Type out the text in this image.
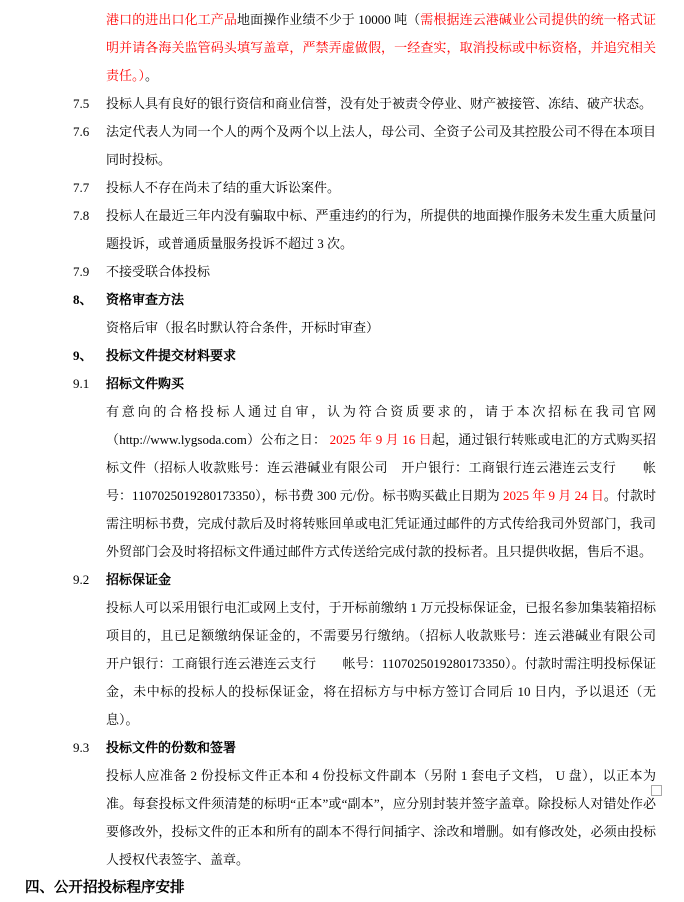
港口的进出口化工产品地面操作业绩不少于 10000 吨（需根据连云港碱业公司提供的统一格式证明并请各海关监管码头填写盖章，严禁弄虚做假，一经查实，取消投标或中标资格，并追究相关责任。）。
7.5	投标人具有良好的银行资信和商业信誉，没有处于被责令停业、财产被接管、冻结、破产状态。
7.6	法定代表人为同一个人的两个及两个以上法人，母公司、全资子公司及其控股公司不得在本项目同时投标。
7.7	投标人不存在尚未了结的重大诉讼案件。
7.8	投标人在最近三年内没有骗取中标、严重违约的行为，所提供的地面操作服务未发生重大质量问题投诉，或普通质量服务投诉不超过 3 次。
7.9	不接受联合体投标
8、	资格审查方法
资格后审（报名时默认符合条件，开标时审查）
9、	投标文件提交材料要求
9.1	招标文件购买
有意向的合格投标人通过自审，认为符合资质要求的，请于本次招标在我司官网（http://www.lygsoda.com）公布之日： 2025 年 9 月 16 日起，通过银行转账或电汇的方式购买招标文件（招标人收款账号：连云港碱业有限公司　开户银行：工商银行连云港连云支行　　帐号：1107025019280173350），标书费 300 元/份。标书购买截止日期为 2025 年 9 月 24 日。付款时需注明标书费，完成付款后及时将转账回单或电汇凭证通过邮件的方式传给我司外贸部门，我司外贸部门会及时将招标文件通过邮件方式传送给完成付款的投标者。且只提供收据，售后不退。
9.2	招标保证金
投标人可以采用银行电汇或网上支付，于开标前缴纳 1 万元投标保证金，已报名参加集装箱招标项目的，且已足额缴纳保证金的，不需要另行缴纳。（招标人收款账号：连云港碱业有限公司　开户银行：工商银行连云港连云支行　　帐号：1107025019280173350）。付款时需注明投标保证金，未中标的投标人的投标保证金，将在招标方与中标方签订合同后 10 日内，予以退还（无息）。
9.3	投标文件的份数和签署
投标人应准备 2 份投标文件正本和 4 份投标文件副本（另附 1 套电子文档， U 盘），以正本为准。每套投标文件须清楚的标明“正本”或“副本”，应分别封装并签字盖章。除投标人对错处作必要修改外，投标文件的正本和所有的副本不得行间插字、涂改和增删。如有修改处，必须由投标人授权代表签字、盖章。
四、 公开招投标程序安排
